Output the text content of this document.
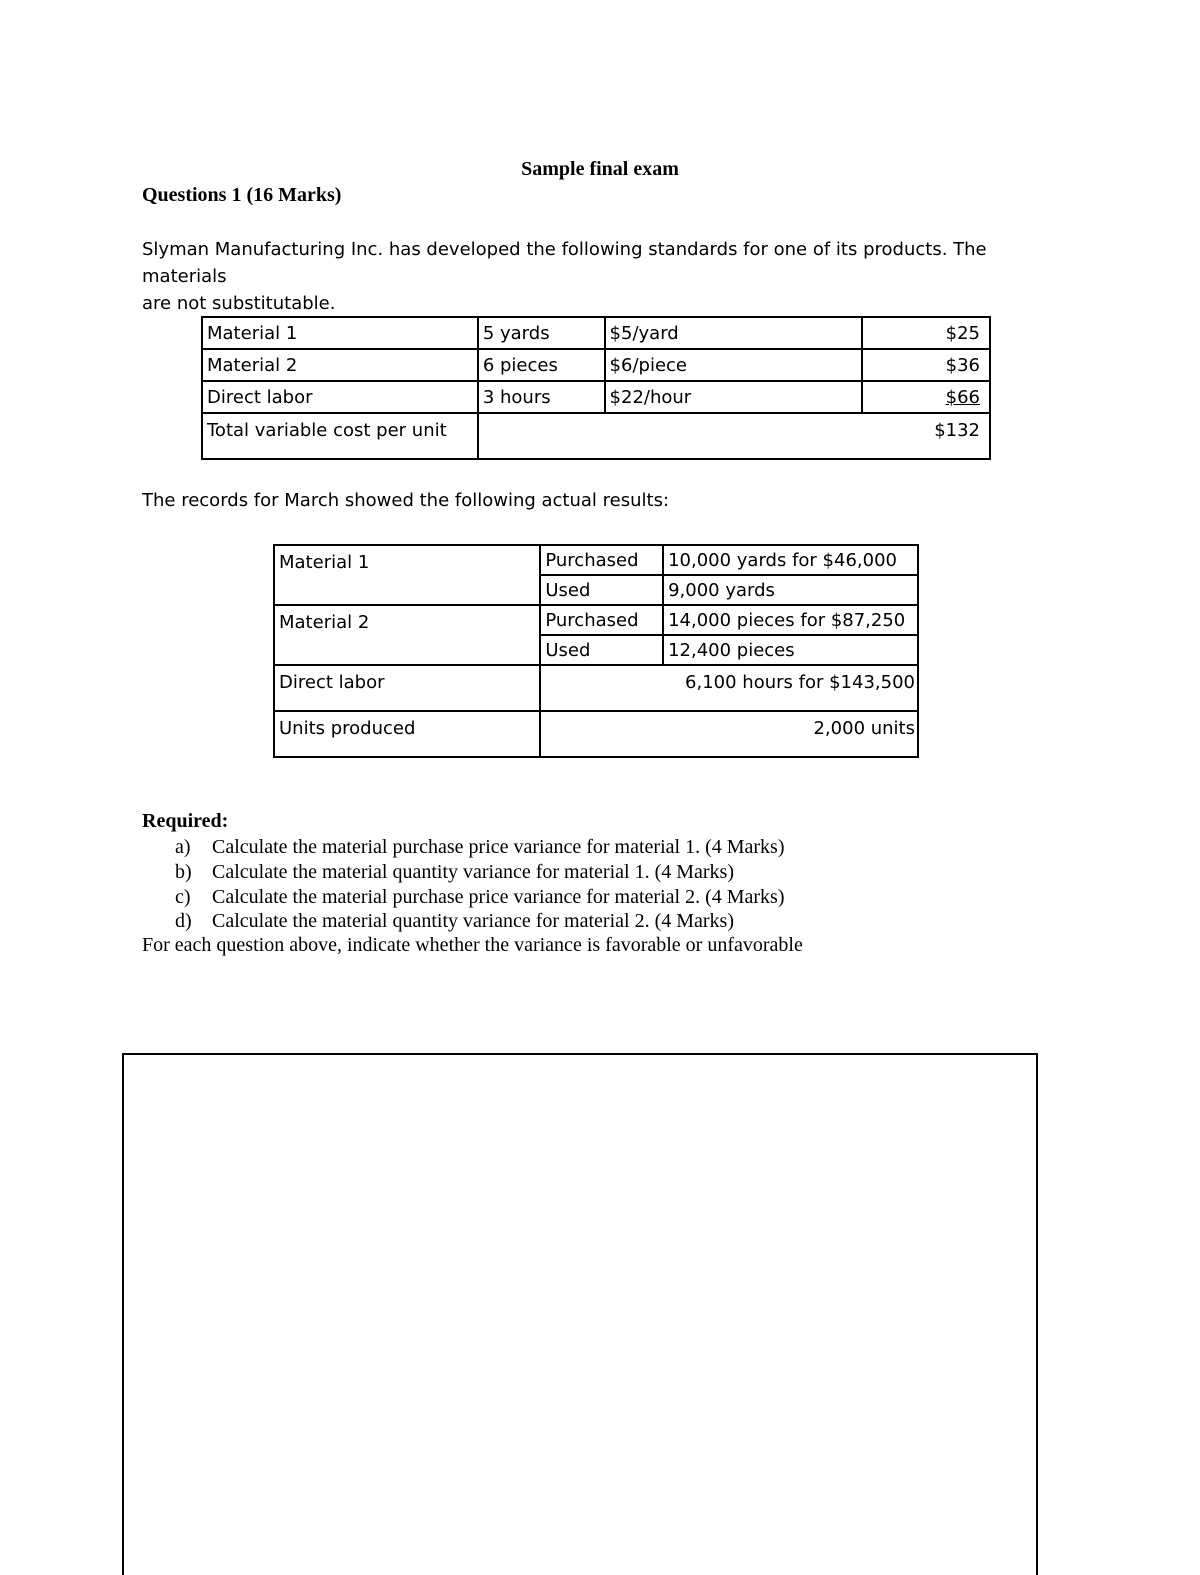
Sample final exam
Questions 1 (16 Marks)
Slyman Manufacturing Inc. has developed the following standards for one of its products. The materials
are not substitutable.
Material 1	5 yards	$5/yard	$25
Material 2	6 pieces	$6/piece	$36
Direct labor	3 hours	$22/hour	$66
Total variable cost per unit	$132		
The records for March showed the following actual results:
Material 1	Purchased	10,000 yards for $46,000
	Used	9,000 yards
Material 2	Purchased	14,000 pieces for $87,250
	Used	12,400 pieces
Direct labor	6,100 hours for $143,500	
Units produced	2,000 units	
Required:
a) Calculate the material purchase price variance for material 1. (4 Marks)
b) Calculate the material quantity variance for material 1. (4 Marks)
c) Calculate the material purchase price variance for material 2. (4 Marks)
d) Calculate the material quantity variance for material 2. (4 Marks)
For each question above, indicate whether the variance is favorable or unfavorable
